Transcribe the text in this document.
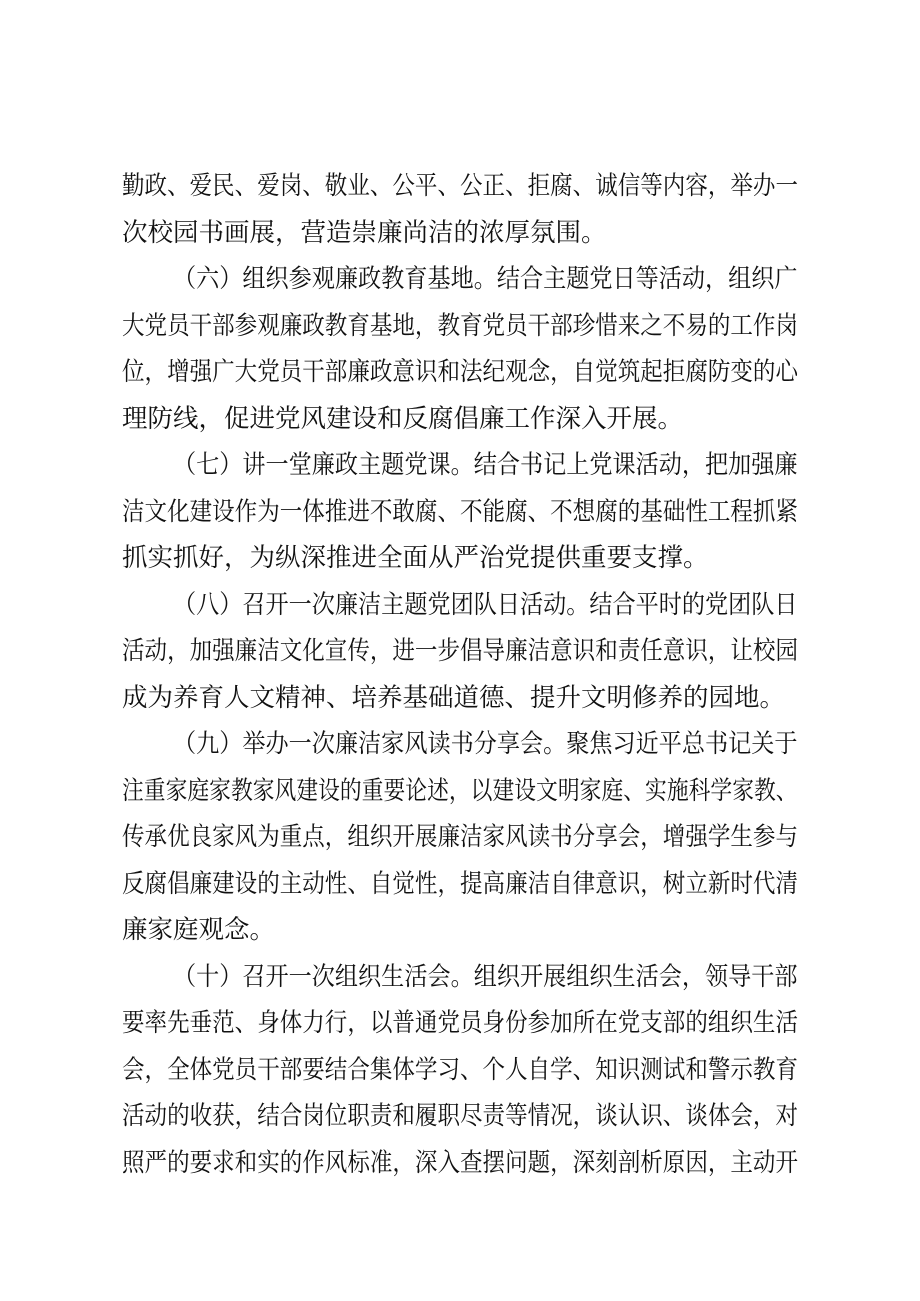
勤政、爱民、爱岗、敬业、公平、公正、拒腐、诚信等内容，举办一
次校园书画展，营造崇廉尚洁的浓厚氛围。
（六）组织参观廉政教育基地。结合主题党日等活动，组织广
大党员干部参观廉政教育基地，教育党员干部珍惜来之不易的工作岗
位，增强广大党员干部廉政意识和法纪观念，自觉筑起拒腐防变的心
理防线，促进党风建设和反腐倡廉工作深入开展。
（七）讲一堂廉政主题党课。结合书记上党课活动，把加强廉
洁文化建设作为一体推进不敢腐、不能腐、不想腐的基础性工程抓紧
抓实抓好，为纵深推进全面从严治党提供重要支撑。
（八）召开一次廉洁主题党团队日活动。结合平时的党团队日
活动，加强廉洁文化宣传，进一步倡导廉洁意识和责任意识，让校园
成为养育人文精神、培养基础道德、提升文明修养的园地。
（九）举办一次廉洁家风读书分享会。聚焦习近平总书记关于
注重家庭家教家风建设的重要论述，以建设文明家庭、实施科学家教、
传承优良家风为重点，组织开展廉洁家风读书分享会，增强学生参与
反腐倡廉建设的主动性、自觉性，提高廉洁自律意识，树立新时代清
廉家庭观念。
（十）召开一次组织生活会。组织开展组织生活会，领导干部
要率先垂范、身体力行，以普通党员身份参加所在党支部的组织生活
会，全体党员干部要结合集体学习、个人自学、知识测试和警示教育
活动的收获，结合岗位职责和履职尽责等情况，谈认识、谈体会，对
照严的要求和实的作风标准，深入查摆问题，深刻剖析原因，主动开
